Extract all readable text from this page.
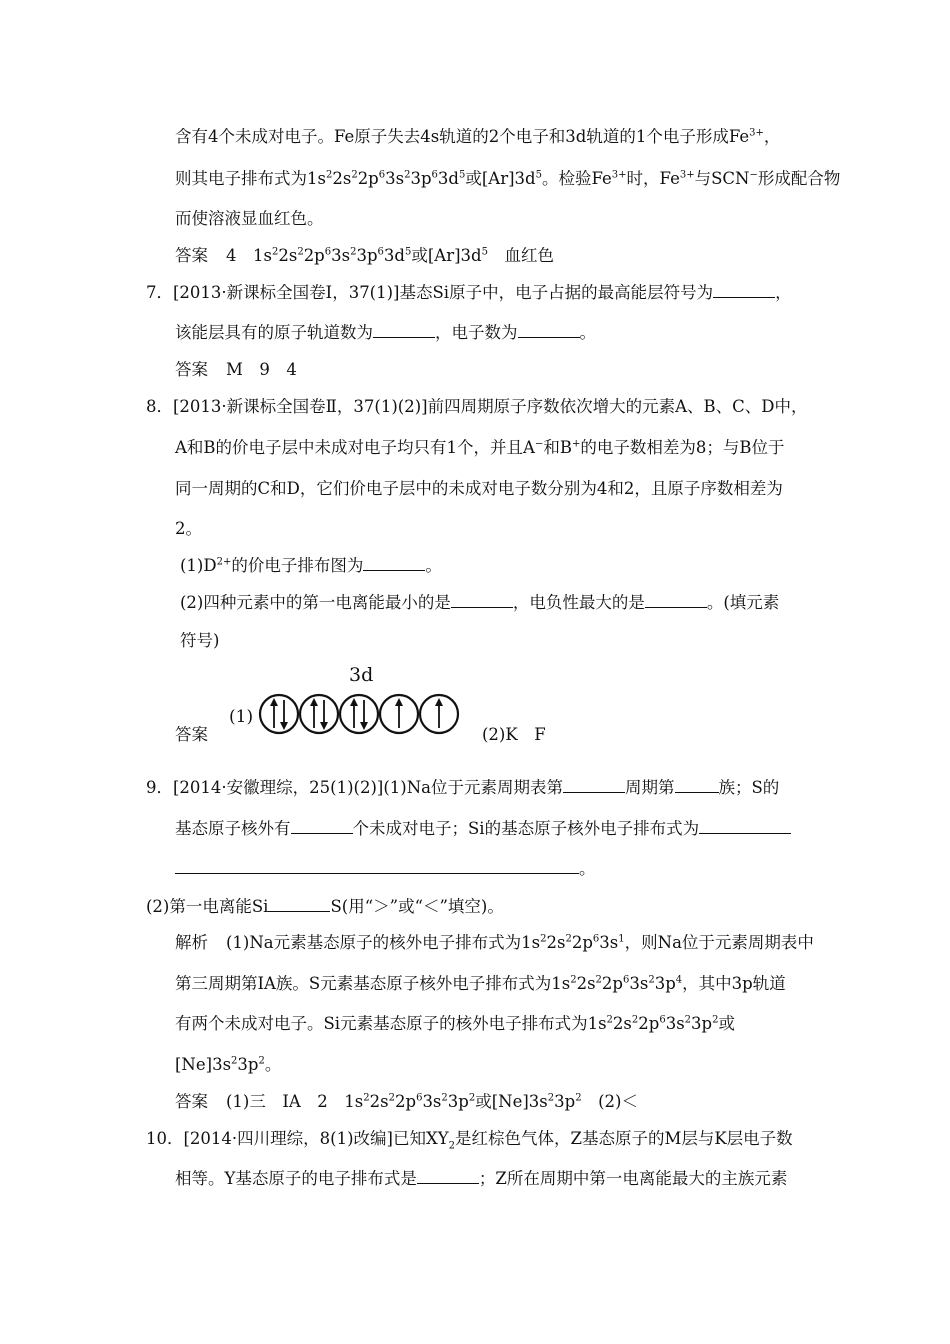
含有4个未成对电子。Fe原子失去4s轨道的2个电子和3d轨道的1个电子形成$Fe^{3+}$，
则其电子排布式为$1s^22s^22p^63s^23p^63d^5$或$[Ar]3d^5$。检验$Fe^{3+}$时，$Fe^{3+}$与SCN−形成配合物
而使溶液显血红色。
答案 4　$1s^22s^22p^63s^23p^63d^5$或$[Ar]3d^5$　血红色
7．[2013·新课标全国卷Ⅰ，37(1)]基态Si原子中，电子占据的最高能层符号为	，
该能层具有的原子轨道数为	，电子数为	。
答案 M　9　4
8．[2013·新课标全国卷Ⅱ，37(1)(2)]前四周期原子序数依次增大的元素A、B、C、D中，
A和B的价电子层中未成对电子均只有1个，并且A−和B+的电子数相差为8；与B位于
同一周期的C和D，它们价电子层中的未成对电子数分别为4和2，且原子序数相差为
2。
$(1)D^{2+}$的价电子排布图为	。
(2)四种元素中的第一电离能最小的是	，电负性最大的是	。(填元素
符号)
答案
3d
(1)
(2)K　F
9．[2014·安徽理综，25(1)(2)](1)Na位于元素周期表第	周期第	族；S的
基态原子核外有	个未成对电子；Si的基态原子核外电子排布式为
。
(2)第一电离能Si	S(用“＞”或“＜”填空)。
解析 (1)Na元素基态原子的核外电子排布式为$1s^22s^22p^63s^1$，则Na位于元素周期表中
第三周期第ⅠA族。S元素基态原子核外电子排布式为$1s^22s^22p^63s^23p^4$，其中3p轨道
有两个未成对电子。Si元素基态原子的核外电子排布式为$1s^22s^22p^63s^23p^2$或
$[Ne]3s^23p^2$。
答案 (1)三　ⅠA　2　$1s^22s^22p^63s^23p^2$或$[Ne]3s^23p^2$　(2)＜
10．[2014·四川理综，8(1)改编]已知$XY_2$是红棕色气体，Z基态原子的M层与K层电子数
相等。Y基态原子的电子排布式是	；Z所在周期中第一电离能最大的主族元素
